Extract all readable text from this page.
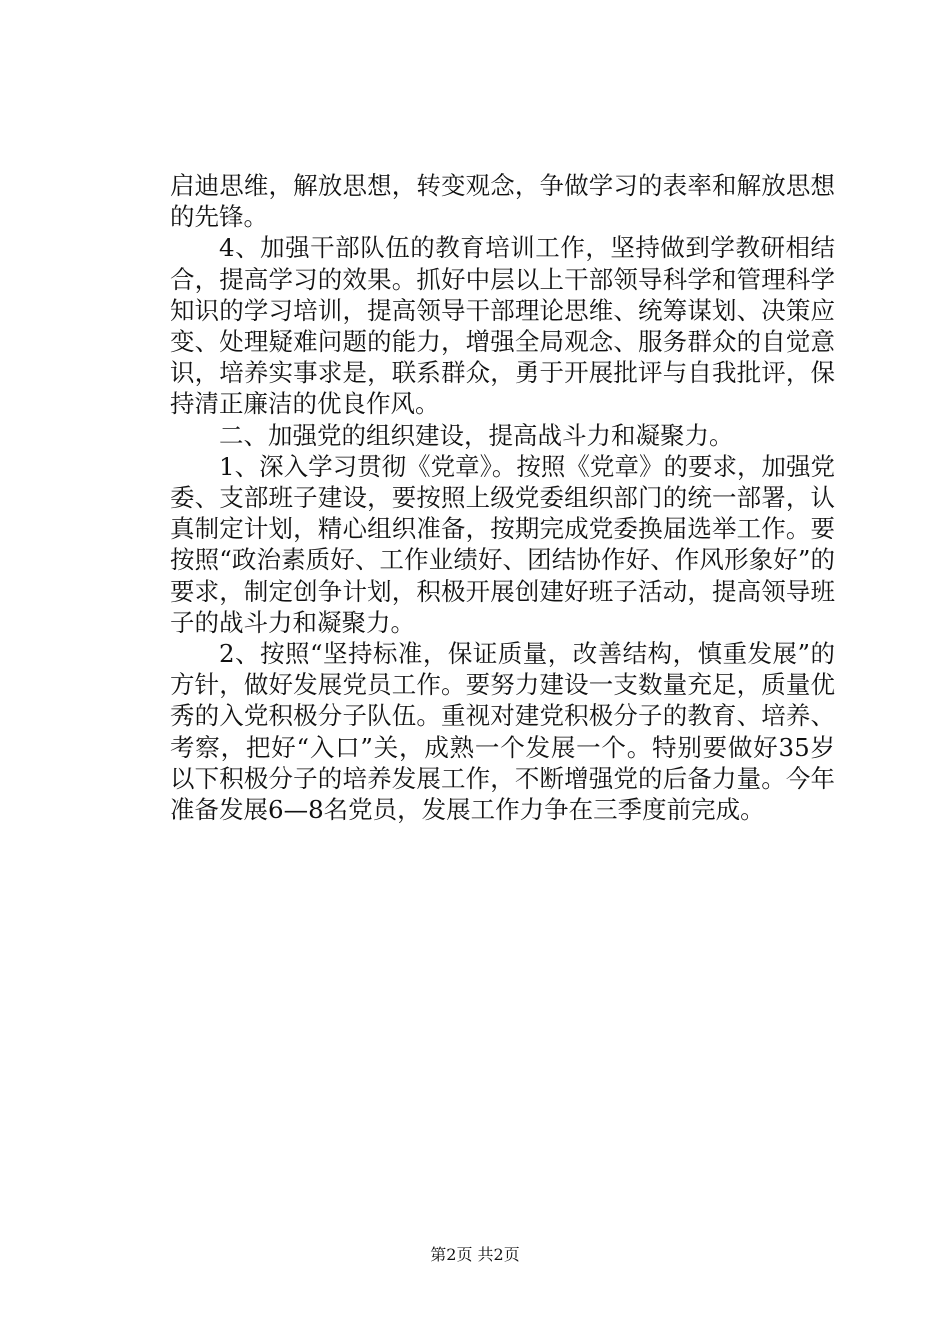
启迪思维，解放思想，转变观念，争做学习的表率和解放思想的先锋。

4、加强干部队伍的教育培训工作，坚持做到学教研相结合，提高学习的效果。抓好中层以上干部领导科学和管理科学知识的学习培训，提高领导干部理论思维、统筹谋划、决策应变、处理疑难问题的能力，增强全局观念、服务群众的自觉意识，培养实事求是，联系群众，勇于开展批评与自我批评，保持清正廉洁的优良作风。

二、加强党的组织建设，提高战斗力和凝聚力。

1、深入学习贯彻《党章》。按照《党章》的要求，加强党委、支部班子建设，要按照上级党委组织部门的统一部署，认真制定计划，精心组织准备，按期完成党委换届选举工作。要按照“政治素质好、工作业绩好、团结协作好、作风形象好”的要求，制定创争计划，积极开展创建好班子活动，提高领导班子的战斗力和凝聚力。

2、按照“坚持标准，保证质量，改善结构，慎重发展”的方针，做好发展党员工作。要努力建设一支数量充足，质量优秀的入党积极分子队伍。重视对建党积极分子的教育、培养、考察，把好“入口”关，成熟一个发展一个。特别要做好35岁以下积极分子的培养发展工作，不断增强党的后备力量。今年准备发展6—8名党员，发展工作力争在三季度前完成。

第2页 共2页
